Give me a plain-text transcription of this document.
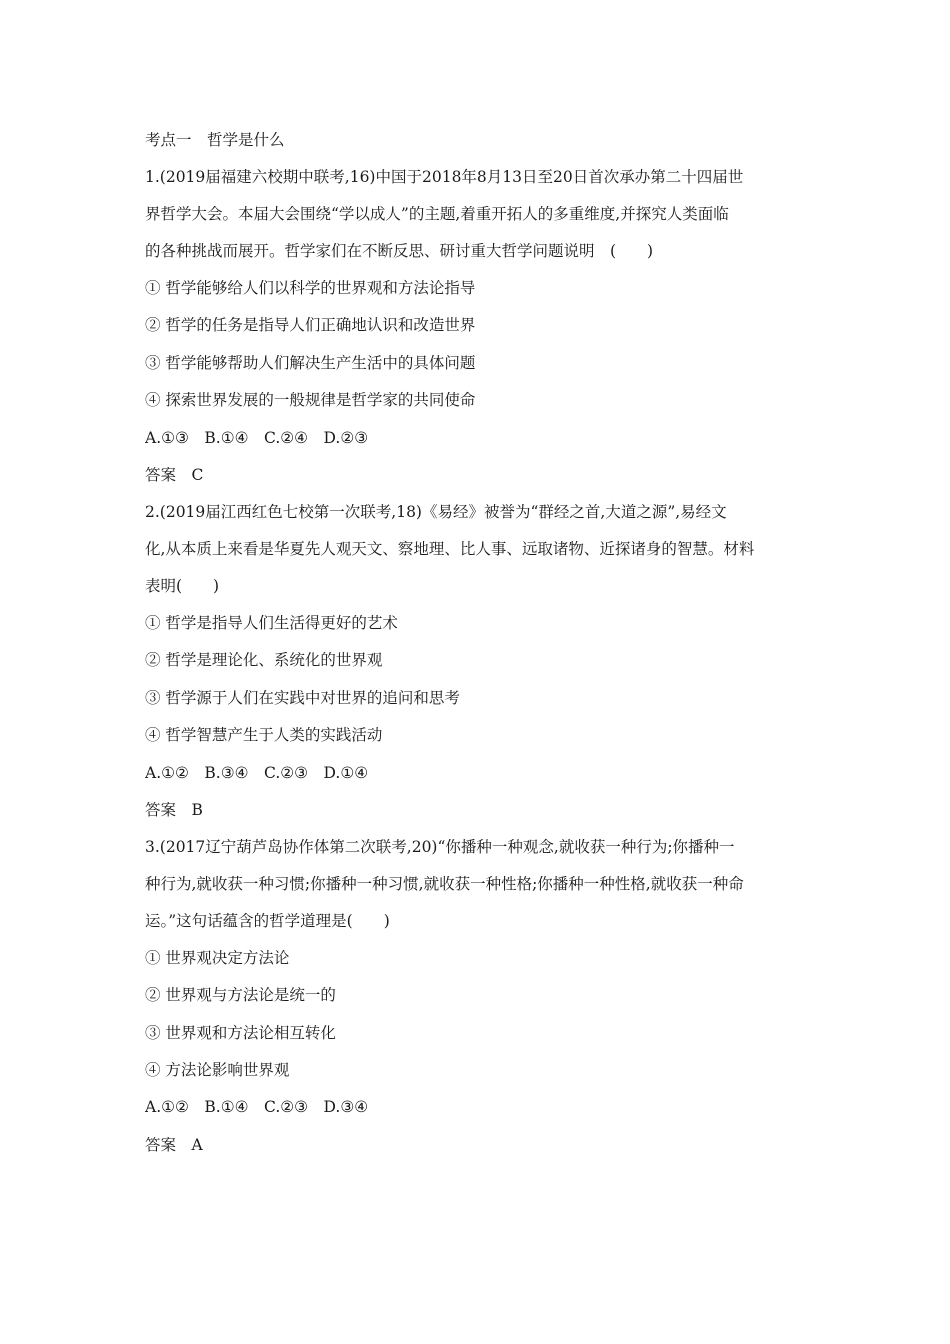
考点一　哲学是什么
1.(2019届福建六校期中联考,16)中国于2018年8月13日至20日首次承办第二十四届世
界哲学大会。本届大会围绕“学以成人”的主题,着重开拓人的多重维度,并探究人类面临
的各种挑战而展开。哲学家们在不断反思、研讨重大哲学问题说明　(　　)
① 哲学能够给人们以科学的世界观和方法论指导
② 哲学的任务是指导人们正确地认识和改造世界
③ 哲学能够帮助人们解决生产生活中的具体问题
④ 探索世界发展的一般规律是哲学家的共同使命
A.①③　B.①④　C.②④　D.②③
答案　C
2.(2019届江西红色七校第一次联考,18)《易经》被誉为“群经之首,大道之源”,易经文
化,从本质上来看是华夏先人观天文、察地理、比人事、远取诸物、近探诸身的智慧。材料
表明(　　)
① 哲学是指导人们生活得更好的艺术
② 哲学是理论化、系统化的世界观
③ 哲学源于人们在实践中对世界的追问和思考
④ 哲学智慧产生于人类的实践活动
A.①②　B.③④　C.②③　D.①④
答案　B
3.(2017辽宁葫芦岛协作体第二次联考,20)“你播种一种观念,就收获一种行为;你播种一
种行为,就收获一种习惯;你播种一种习惯,就收获一种性格;你播种一种性格,就收获一种命
运。”这句话蕴含的哲学道理是(　　)
① 世界观决定方法论
② 世界观与方法论是统一的
③ 世界观和方法论相互转化
④ 方法论影响世界观
A.①②　B.①④　C.②③　D.③④
答案　A
